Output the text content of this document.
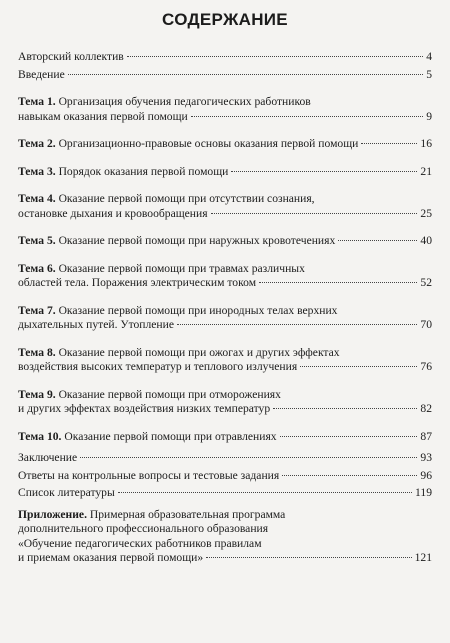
СОДЕРЖАНИЕ
Авторский коллектив	4
Введение	5
Тема 1. Организация обучения педагогических работников
навыкам оказания первой помощи	9
Тема 2. Организационно-правовые основы оказания первой помощи	16
Тема 3. Порядок оказания первой помощи	21
Тема 4. Оказание первой помощи при отсутствии сознания,
остановке дыхания и кровообращения	25
Тема 5. Оказание первой помощи при наружных кровотечениях	40
Тема 6. Оказание первой помощи при травмах различных
областей тела. Поражения электрическим током	52
Тема 7. Оказание первой помощи при инородных телах верхних
дыхательных путей. Утопление	70
Тема 8. Оказание первой помощи при ожогах и других эффектах
воздействия высоких температур и теплового излучения	76
Тема 9. Оказание первой помощи при отморожениях
и других эффектах воздействия низких температур	82
Тема 10. Оказание первой помощи при отравлениях	87
Заключение	93
Ответы на контрольные вопросы и тестовые задания	96
Список литературы	119
Приложение. Примерная образовательная программа
дополнительного профессионального образования
«Обучение педагогических работников правилам
и приемам оказания первой помощи»	121
